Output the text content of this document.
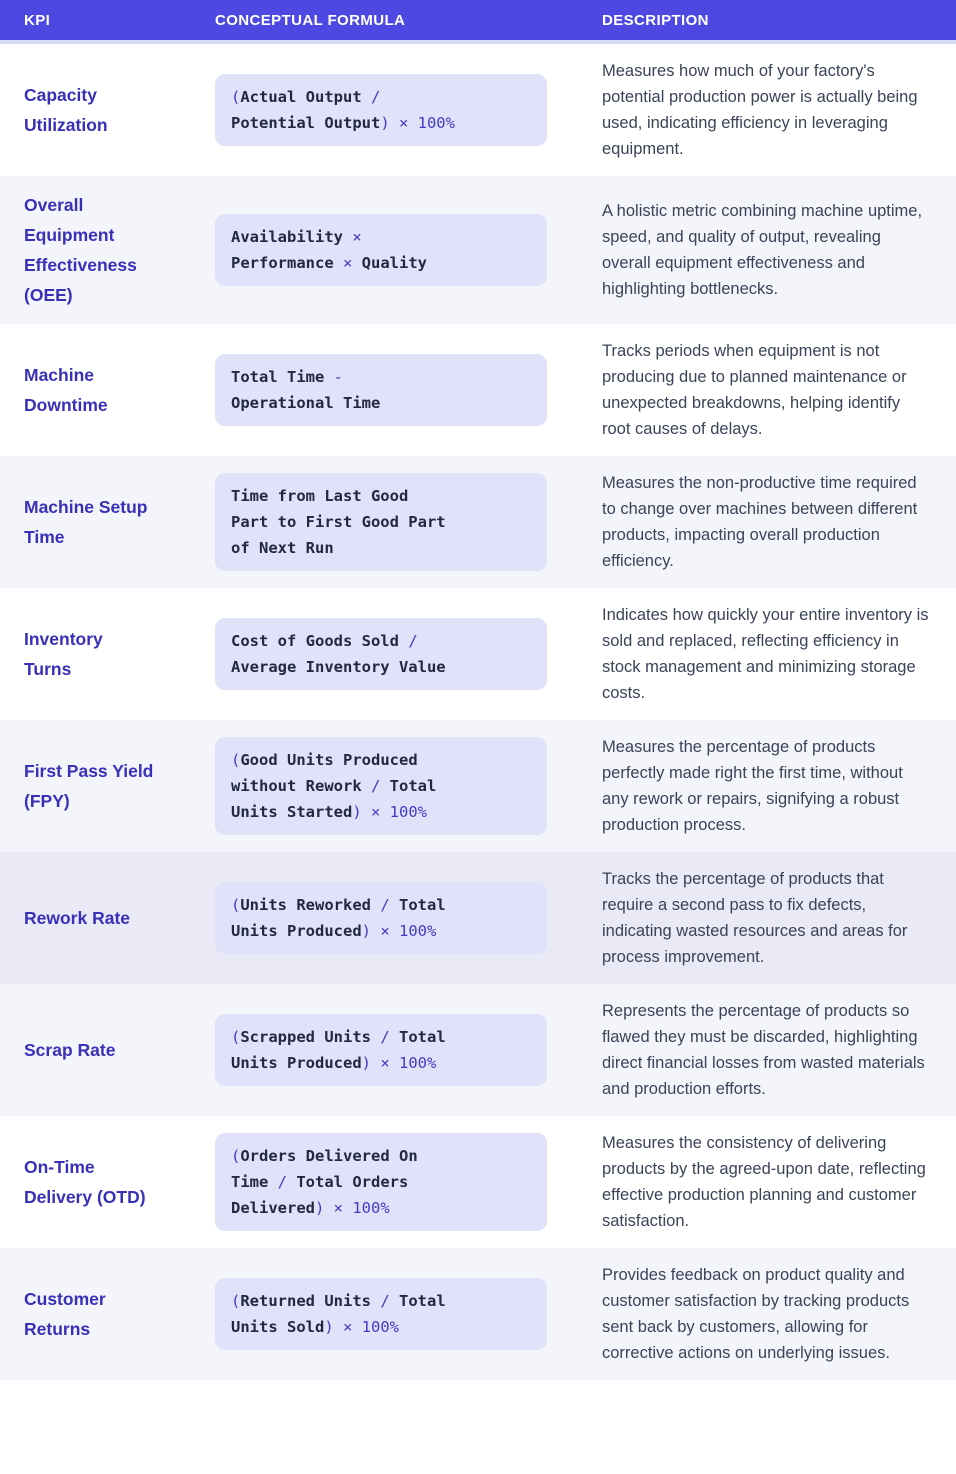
KPI	CONCEPTUAL FORMULA	DESCRIPTION
Capacity
Utilization
(Actual Output /
Potential Output) × 100%
Measures how much of your factory's potential production power is actually being used, indicating efficiency in leveraging equipment.
Overall
Equipment
Effectiveness
(OEE)
Availability ×
Performance × Quality
A holistic metric combining machine uptime, speed, and quality of output, revealing overall equipment effectiveness and highlighting bottlenecks.
Machine
Downtime
Total Time -
Operational Time
Tracks periods when equipment is not producing due to planned maintenance or unexpected breakdowns, helping identify root causes of delays.
Machine Setup
Time
Time from Last Good
Part to First Good Part
of Next Run
Measures the non-productive time required to change over machines between different products, impacting overall production efficiency.
Inventory
Turns
Cost of Goods Sold /
Average Inventory Value
Indicates how quickly your entire inventory is sold and replaced, reflecting efficiency in stock management and minimizing storage costs.
First Pass Yield
(FPY)
(Good Units Produced
without Rework / Total
Units Started) × 100%
Measures the percentage of products perfectly made right the first time, without any rework or repairs, signifying a robust production process.
Rework Rate
(Units Reworked / Total
Units Produced) × 100%
Tracks the percentage of products that require a second pass to fix defects, indicating wasted resources and areas for process improvement.
Scrap Rate
(Scrapped Units / Total
Units Produced) × 100%
Represents the percentage of products so flawed they must be discarded, highlighting direct financial losses from wasted materials and production efforts.
On-Time
Delivery (OTD)
(Orders Delivered On
Time / Total Orders
Delivered) × 100%
Measures the consistency of delivering products by the agreed-upon date, reflecting effective production planning and customer satisfaction.
Customer
Returns
(Returned Units / Total
Units Sold) × 100%
Provides feedback on product quality and customer satisfaction by tracking products sent back by customers, allowing for corrective actions on underlying issues.
